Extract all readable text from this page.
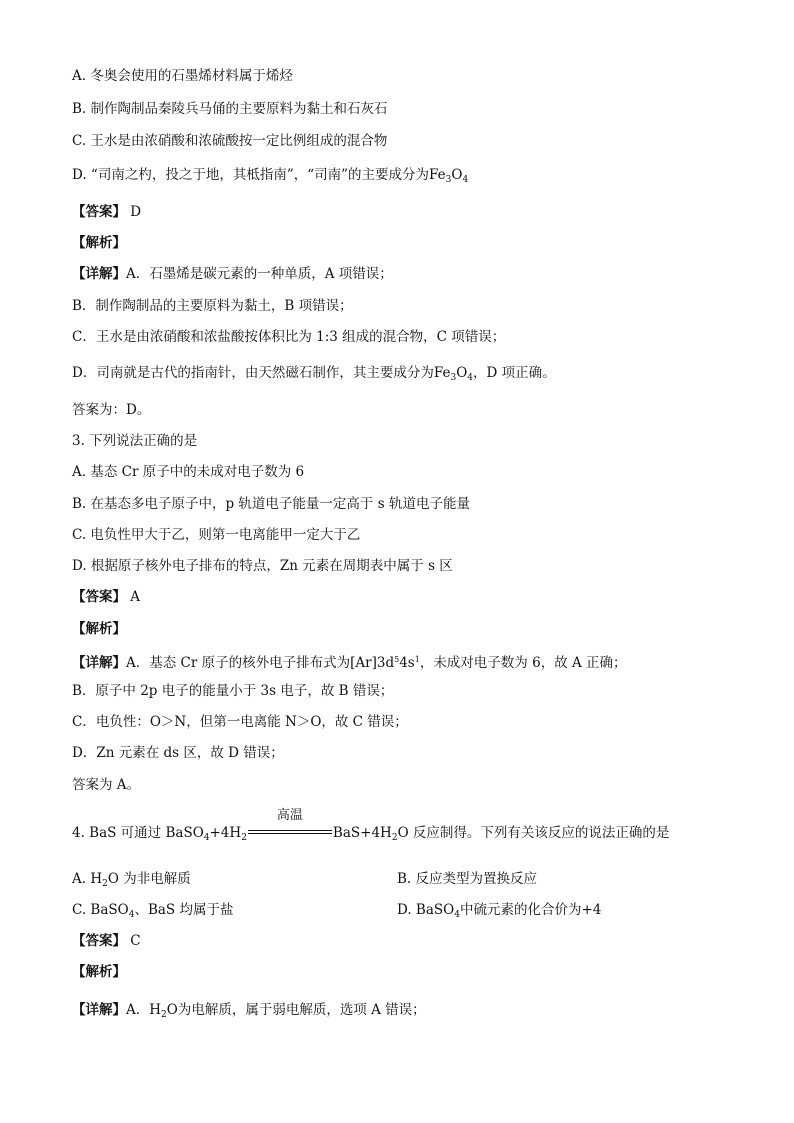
A. 冬奥会使用的石墨烯材料属于烯烃
B. 制作陶制品秦陵兵马俑的主要原料为黏土和石灰石
C. 王水是由浓硝酸和浓硫酸按一定比例组成的混合物
D. “司南之杓，投之于地，其柢指南”，“司南”的主要成分为$Fe_3O_4$
【答案】 D
【解析】
【详解】A．石墨烯是碳元素的一种单质，A 项错误；
B．制作陶制品的主要原料为黏土，B 项错误；
C．王水是由浓硝酸和浓盐酸按体积比为 1:3 组成的混合物，C 项错误；
D．司南就是古代的指南针，由天然磁石制作，其主要成分为$Fe_3O_4$，D 项正确。
答案为：D。
3. 下列说法正确的是
A. 基态 Cr 原子中的未成对电子数为 6
B. 在基态多电子原子中，p 轨道电子能量一定高于 s 轨道电子能量
C. 电负性甲大于乙，则第一电离能甲一定大于乙
D. 根据原子核外电子排布的特点，Zn 元素在周期表中属于 s 区
【答案】 A
【解析】
【详解】A．基态 Cr 原子的核外电子排布式为$[Ar]3d^54s^1$，未成对电子数为 6，故 A 正确；
B．原子中 2p 电子的能量小于 3s 电子，故 B 错误；
C．电负性：O＞N，但第一电离能 N＞O，故 C 错误；
D．Zn 元素在 ds 区，故 D 错误；
答案为 A。
4. BaS 可通过 $BaSO_4+4H_2$
高温
$BaS+4H_2O$ 反应制得。下列有关该反应的说法正确的是
A. $H_2O$ 为非电解质	B. 反应类型为置换反应
C. BaSO$_4$、BaS 均属于盐	D. BaSO$_4$中硫元素的化合价为+4
【答案】 C
【解析】
【详解】A．$H_2O$为电解质，属于弱电解质，选项 A 错误；
